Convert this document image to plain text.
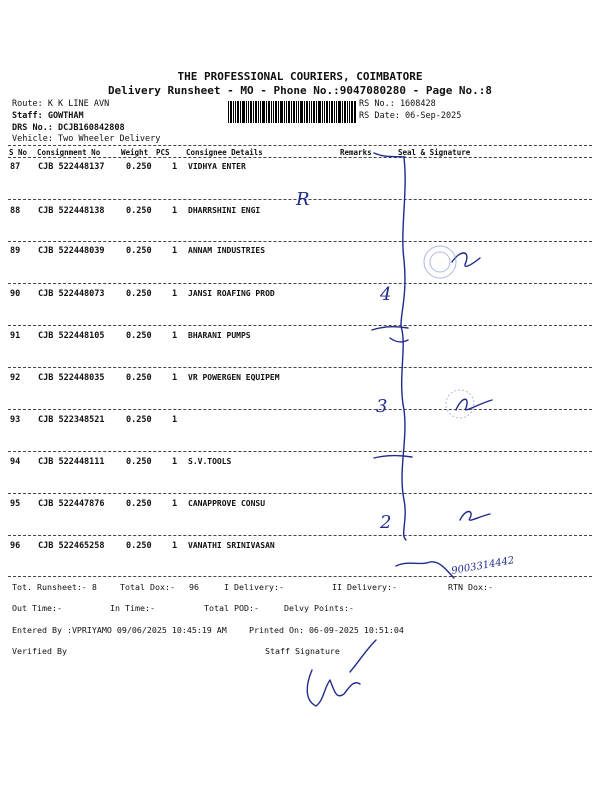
THE PROFESSIONAL COURIERS, COIMBATORE
Delivery Runsheet - MO - Phone No.:9047080280 - Page No.:8
Route: K K LINE AVN
Staff: GOWTHAM
DRS No.: DCJB160842808
Vehicle: Two Wheeler Delivery
RS No.: 1608428
RS Date: 06-Sep-2025
S No Consignment No	Weight PCS Consignee Details	Remarks	Seal & Signature
87 CJB 522448137	0.250 1 VIDHYA ENTER
88 CJB 522448138	0.250 1 DHARRSHINI ENGI
89 CJB 522448039	0.250 1 ANNAM INDUSTRIES
90 CJB 522448073	0.250 1 JANSI ROAFING PROD
91 CJB 522448105	0.250 1 BHARANI PUMPS
92 CJB 522448035	0.250 1 VR POWERGEN EQUIPEM
93 CJB 522348521	0.250 1
94 CJB 522448111	0.250 1 S.V.TOOLS
95 CJB 522447876	0.250 1 CANAPPROVE CONSU
96 CJB 522465258	0.250 1 VANATHI SRINIVASAN
Tot. Runsheet:- 8	Total Dox:- 96	I Delivery:-	II Delivery:-	RTN Dox:-
Out Time:-	In Time:-	Total POD:-	Delvy Points:-
Entered By :VPRIYAMO 09/06/2025 10:45:19 AM	Printed On: 06-09-2025 10:51:04
Verified By	Staff Signature
R
4
3
2
9003314442
